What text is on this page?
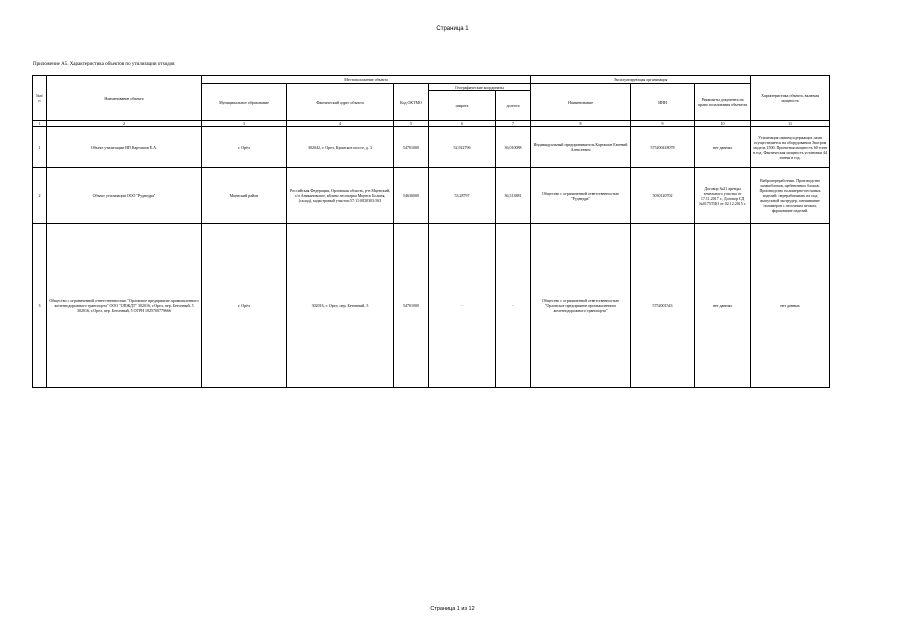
Страница 1
Приложение А5. Характеристика объектов по утилизации отходов
№п/п	Наименование объекта	Местоположение объекта					Эксплуатирующая организация			Характеристика объекта, включая мощность
		Муниципальное образование	Фактический адрес объекта	Код ОКТМО	Географические координаты		Наименование	ИНН	Реквизиты документа на право пользования объектом	
					широта	долгота				
1	2	3	4	5	6	7	8	9	10	11
1	Объект утилизации ИП Карташов Е.А.	г. Орёл	302042, г. Орел, Кромское шоссе, д. 3	54701000	52,922796	36,010088	Индивидуальный предприниматель Карташов Евгений Алексеевич	575200418078	нет данных	Утилизация свинецсодержащих ламп осуществляется на оборудовании Экотром модель 1500. Проектная мощность 60 тонн в год. Фактическая мощность установки 44 тонны в год.
2	Объект утилизации ООО "Руднедра"	Мценский район	Российская Федерация, Орловская область, р-н Мценский, с/п Аникановское, вблизи лесопарка Мценск Болоня, (склад), кадастровый участок:57:11:0020303:563	54636000	53,28797	36,513881	Общество с ограниченной ответственностью "Руднедра"	5030120702	Договор №21 аренды земельного участка от 17.11.2017 г., Договор СД №0175ТЦО от 02.12.2015 г.	Вибропереработчик. Производство шлакоблоков, щебеночных блоков. Производство полимерно-песчаных изделий: перерабатывать их под выпускной экструдер, смешивание полимеров с песочным песком, формование изделий.
3	Общество с ограниченной ответственностью "Орловское предприятие промышленного железнодорожного транспорта" ООО "ОПЖДТ" 302016, г.Орел, пер. Бетонный, 5 302016, г.Орел, пер. Бетонный, 5 ОГРН 1025700779666	г. Орёл	302016, г. Орел, пер. Бетонный, 5	54701000	-	-	Общество с ограниченной ответственностью "Орловское предприятие промышленного железнодорожного транспорта"	5752001543	нет данных	нет данных
Страница 1 из 12
